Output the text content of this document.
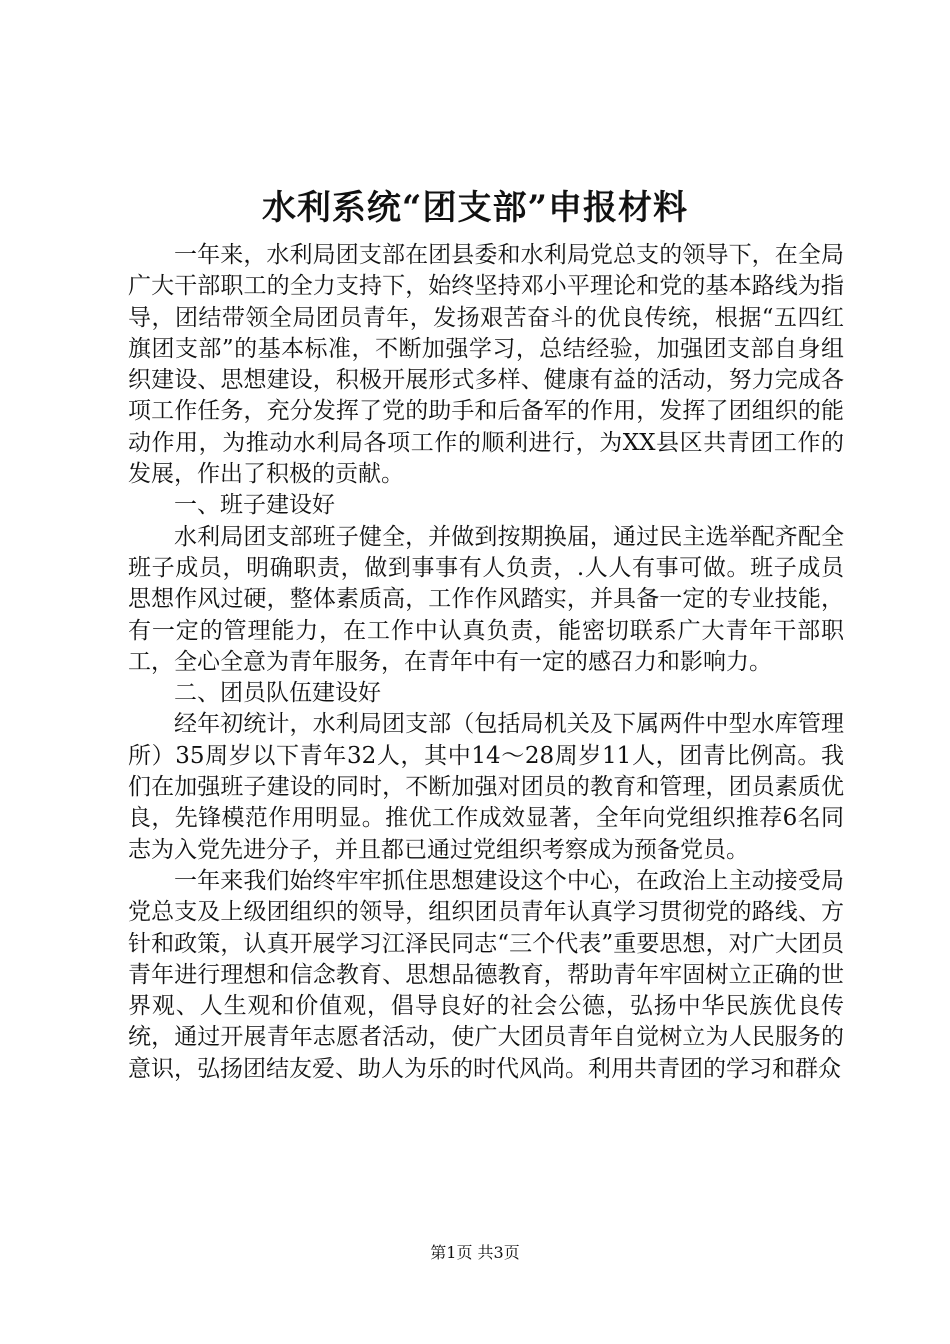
水利系统“团支部”申报材料

一年来，水利局团支部在团县委和水利局党总支的领导下，在全局广大干部职工的全力支持下，始终坚持邓小平理论和党的基本路线为指导，团结带领全局团员青年，发扬艰苦奋斗的优良传统，根据“五四红旗团支部”的基本标准，不断加强学习，总结经验，加强团支部自身组织建设、思想建设，积极开展形式多样、健康有益的活动，努力完成各项工作任务，充分发挥了党的助手和后备军的作用，发挥了团组织的能动作用，为推动水利局各项工作的顺利进行，为XX县区共青团工作的发展，作出了积极的贡献。

一、班子建设好

水利局团支部班子健全，并做到按期换届，通过民主选举配齐配全班子成员，明确职责，做到事事有人负责，.人人有事可做。班子成员思想作风过硬，整体素质高，工作作风踏实，并具备一定的专业技能，有一定的管理能力，在工作中认真负责，能密切联系广大青年干部职工，全心全意为青年服务，在青年中有一定的感召力和影响力。

二、团员队伍建设好

经年初统计，水利局团支部（包括局机关及下属两件中型水库管理所）35周岁以下青年32人，其中14～28周岁11人，团青比例高。我们在加强班子建设的同时，不断加强对团员的教育和管理，团员素质优良，先锋模范作用明显。推优工作成效显著，全年向党组织推荐6名同志为入党先进分子，并且都已通过党组织考察成为预备党员。

一年来我们始终牢牢抓住思想建设这个中心，在政治上主动接受局党总支及上级团组织的领导，组织团员青年认真学习贯彻党的路线、方针和政策，认真开展学习江泽民同志“三个代表”重要思想，对广大团员青年进行理想和信念教育、思想品德教育，帮助青年牢固树立正确的世界观、人生观和价值观，倡导良好的社会公德，弘扬中华民族优良传统，通过开展青年志愿者活动，使广大团员青年自觉树立为人民服务的意识，弘扬团结友爱、助人为乐的时代风尚。利用共青团的学习和群众

第1页 共3页
